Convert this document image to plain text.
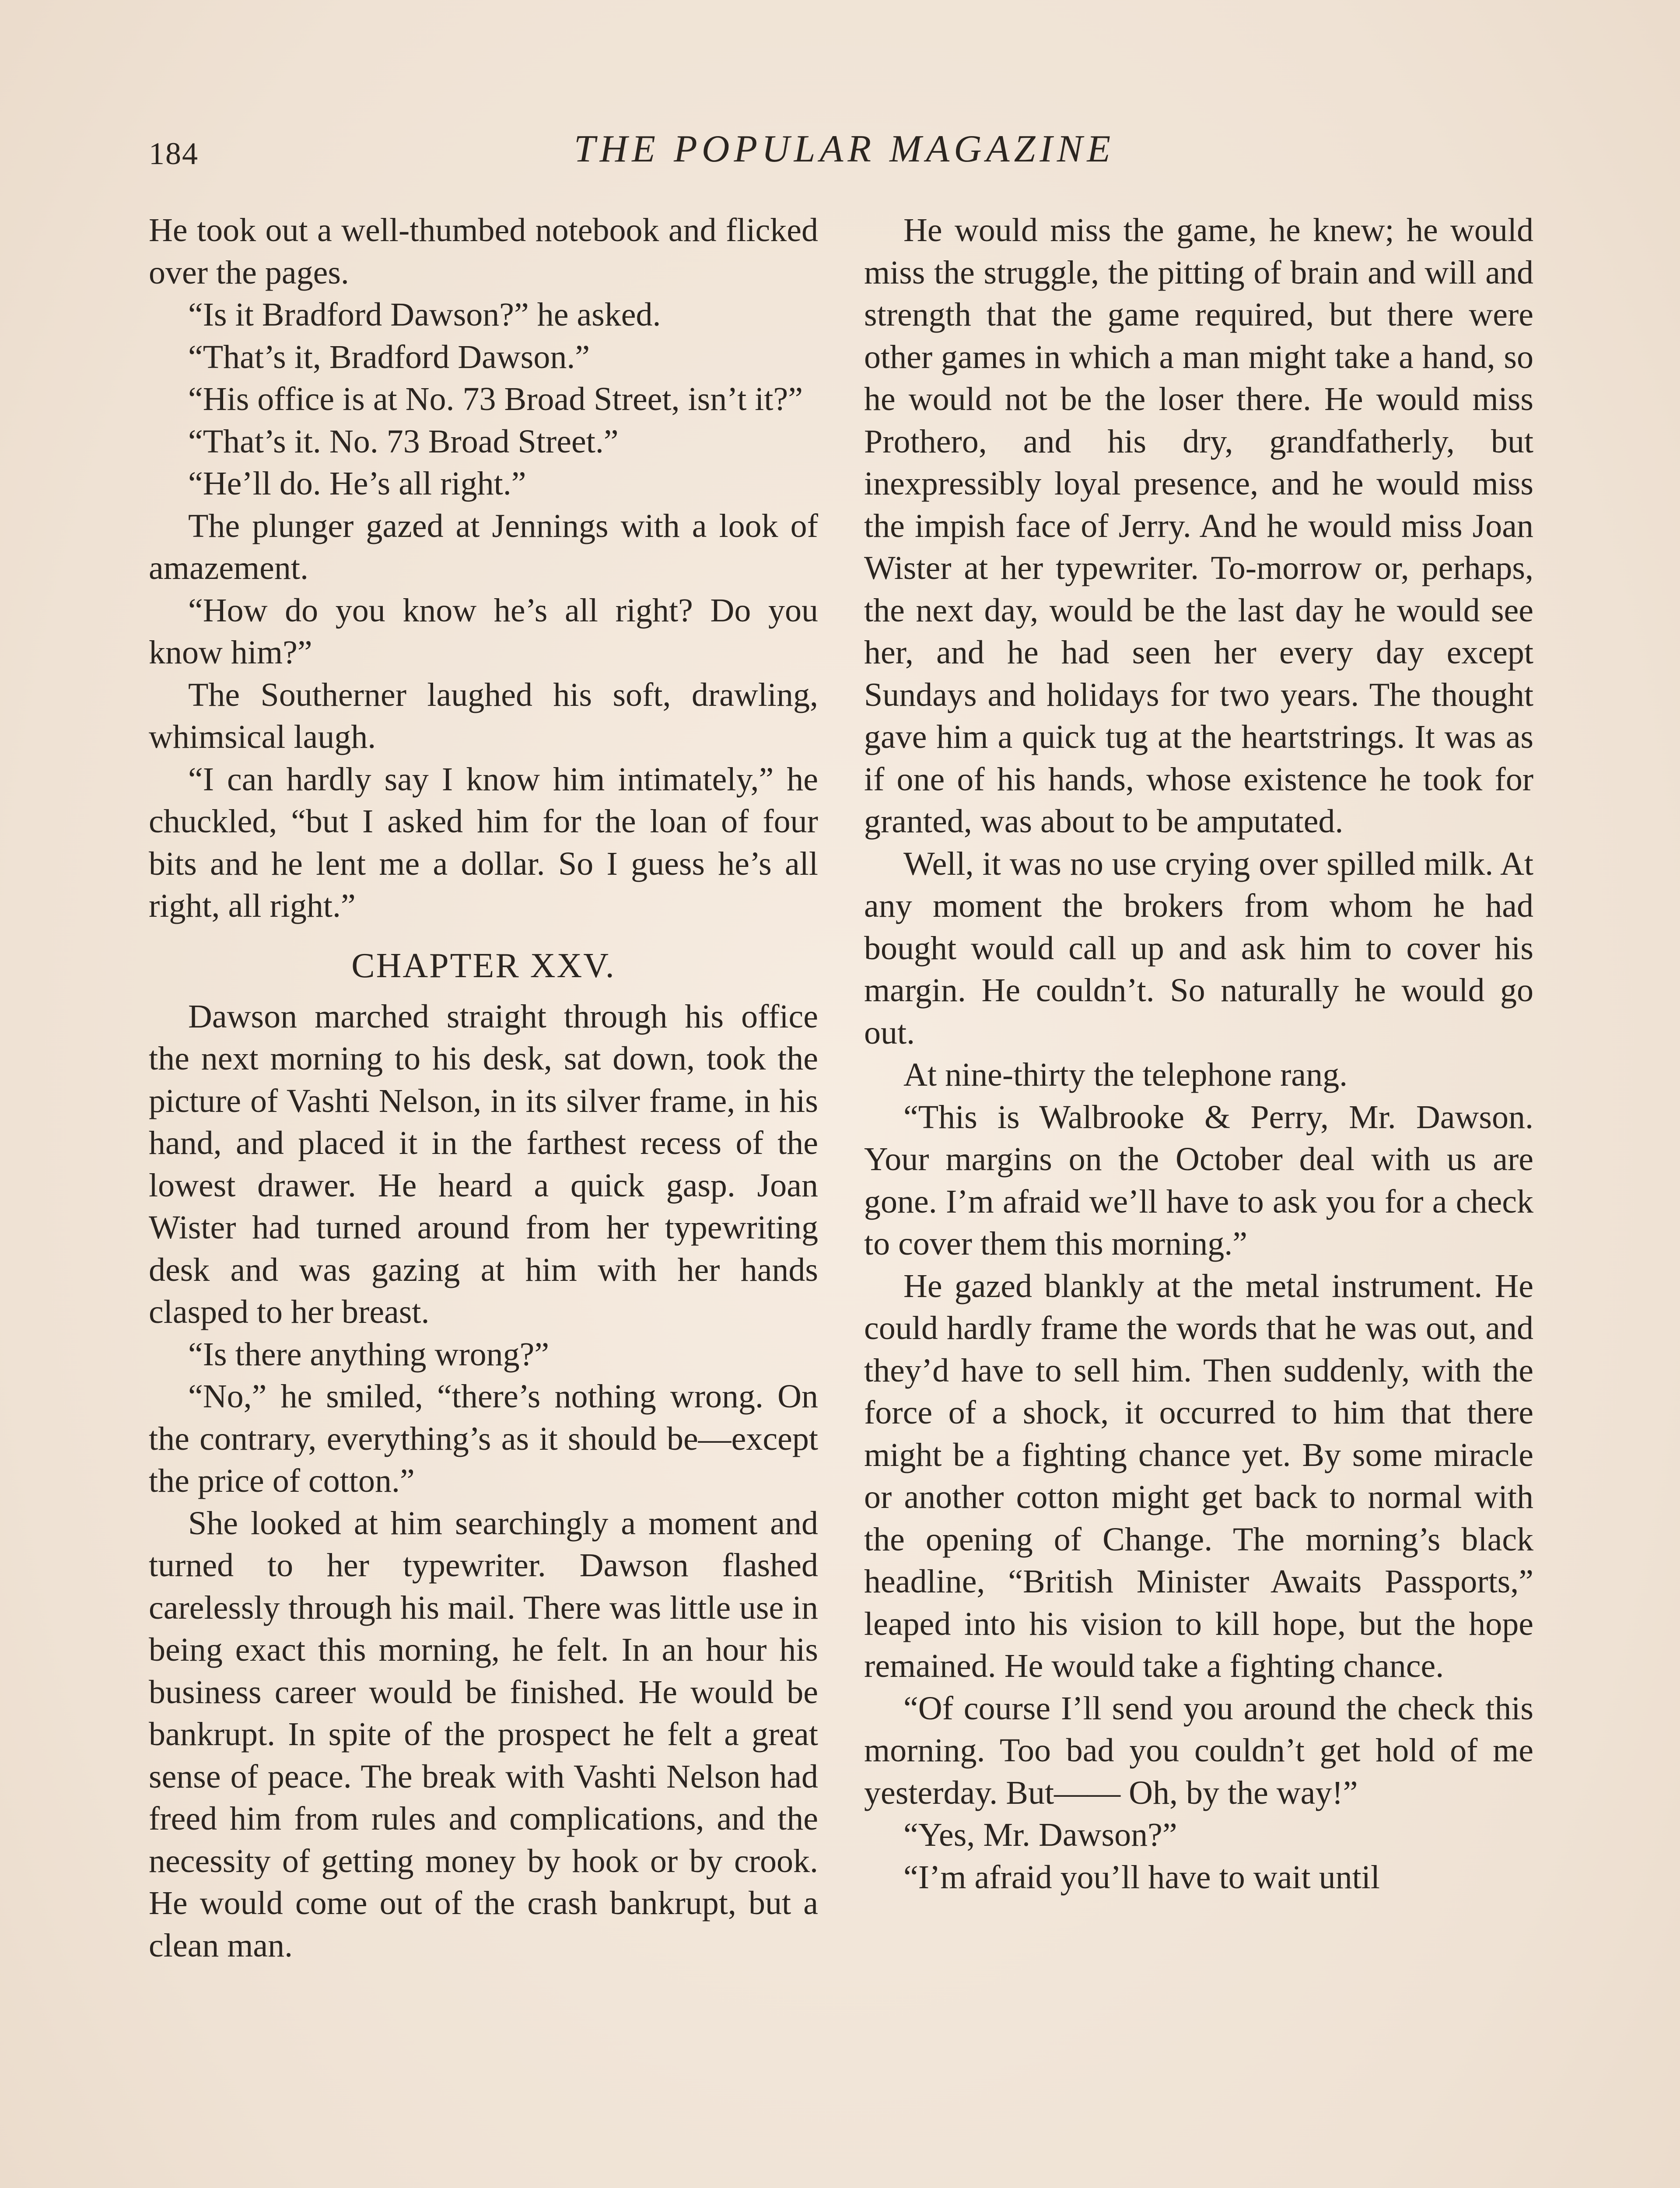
184	THE POPULAR MAGAZINE

He took out a well-thumbed notebook and flicked over the pages.

“Is it Bradford Dawson?” he asked.

“That’s it, Bradford Dawson.”

“His office is at No. 73 Broad Street, isn’t it?”

“That’s it. No. 73 Broad Street.”

“He’ll do. He’s all right.”

The plunger gazed at Jennings with a look of amazement.

“How do you know he’s all right? Do you know him?”

The Southerner laughed his soft, drawling, whimsical laugh.

“I can hardly say I know him intimately,” he chuckled, “but I asked him for the loan of four bits and he lent me a dollar. So I guess he’s all right, all right.”

CHAPTER XXV.

Dawson marched straight through his office the next morning to his desk, sat down, took the picture of Vashti Nelson, in its silver frame, in his hand, and placed it in the farthest recess of the lowest drawer. He heard a quick gasp. Joan Wister had turned around from her typewriting desk and was gazing at him with her hands clasped to her breast.

“Is there anything wrong?”

“No,” he smiled, “there’s nothing wrong. On the contrary, everything’s as it should be—except the price of cotton.”

She looked at him searchingly a moment and turned to her typewriter. Dawson flashed carelessly through his mail. There was little use in being exact this morning, he felt. In an hour his business career would be finished. He would be bankrupt. In spite of the prospect he felt a great sense of peace. The break with Vashti Nelson had freed him from rules and complications, and the necessity of getting money by hook or by crook. He would come out of the crash bankrupt, but a clean man.

He would miss the game, he knew; he would miss the struggle, the pitting of brain and will and strength that the game required, but there were other games in which a man might take a hand, so he would not be the loser there. He would miss Prothero, and his dry, grandfatherly, but inexpressibly loyal presence, and he would miss the impish face of Jerry. And he would miss Joan Wister at her typewriter. To-morrow or, perhaps, the next day, would be the last day he would see her, and he had seen her every day except Sundays and holidays for two years. The thought gave him a quick tug at the heartstrings. It was as if one of his hands, whose existence he took for granted, was about to be amputated.

Well, it was no use crying over spilled milk. At any moment the brokers from whom he had bought would call up and ask him to cover his margin. He couldn’t. So naturally he would go out.

At nine-thirty the telephone rang.

“This is Walbrooke & Perry, Mr. Dawson. Your margins on the October deal with us are gone. I’m afraid we’ll have to ask you for a check to cover them this morning.”

He gazed blankly at the metal instrument. He could hardly frame the words that he was out, and they’d have to sell him. Then suddenly, with the force of a shock, it occurred to him that there might be a fighting chance yet. By some miracle or another cotton might get back to normal with the opening of Change. The morning’s black headline, “British Minister Awaits Passports,” leaped into his vision to kill hope, but the hope remained. He would take a fighting chance.

“Of course I’ll send you around the check this morning. Too bad you couldn’t get hold of me yesterday. But—— Oh, by the way!”

“Yes, Mr. Dawson?”

“I’m afraid you’ll have to wait until
